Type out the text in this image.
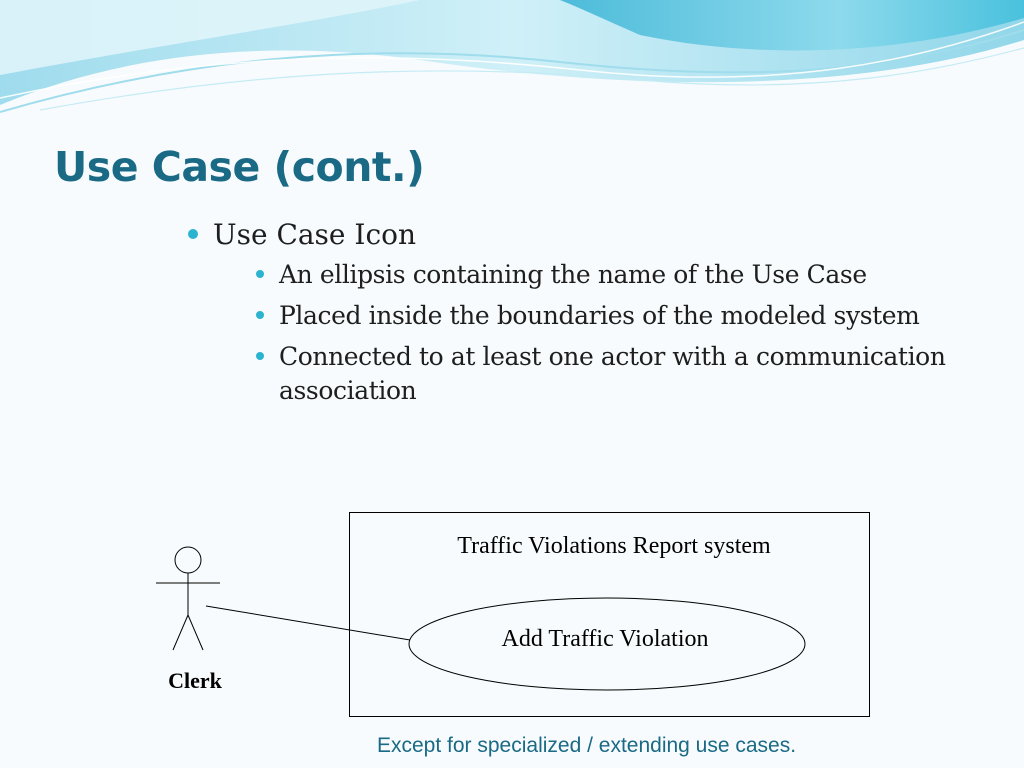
Use Case (cont.)
Use Case Icon
An ellipsis containing the name of the Use Case
Placed inside the boundaries of the modeled system
Connected to at least one actor with a communication association
Traffic Violations Report system
Add Traffic Violation
Clerk
Except for specialized / extending use cases.
